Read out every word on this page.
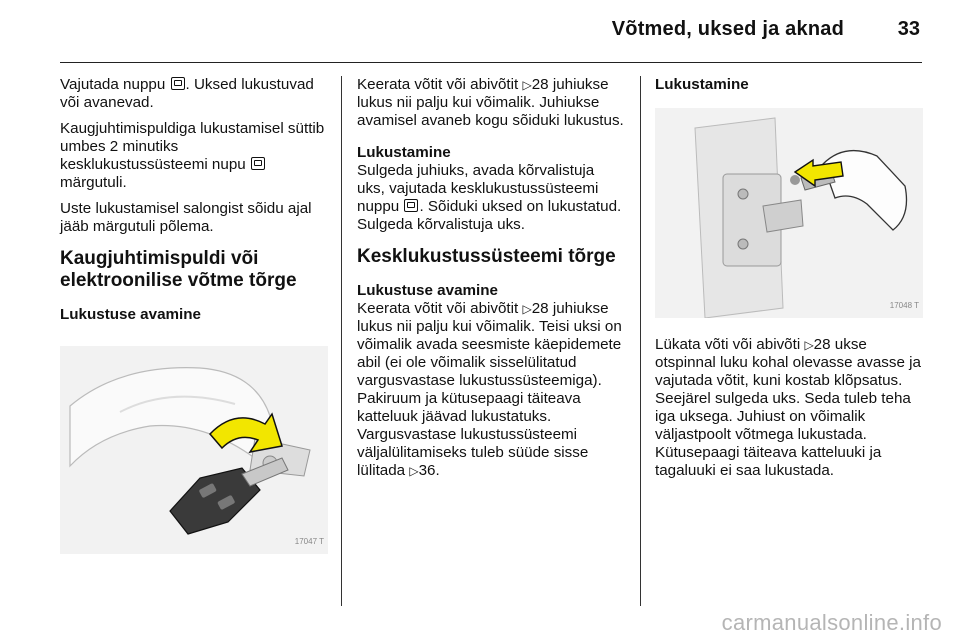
Võtmed, uksed ja aknad	33

Vajutada nuppu . Uksed lukustuvad või avanevad.

Kaugjuhtimispuldiga lukustamisel süttib umbes 2 minutiks kesklukustussüsteemi nupu  märgutuli.

Uste lukustamisel salongist sõidu ajal jääb märgutuli põlema.

Kaugjuhtimispuldi või elektroonilise võtme tõrge
Lukustuse avamine
17047 T

Keerata võtit või abivõtit ▷28 juhiukse lukus nii palju kui võimalik. Juhiukse avamisel avaneb kogu sõiduki lukustus.

Lukustamine

Sulgeda juhiuks, avada kõrvalistuja uks, vajutada kesklukustussüsteemi nuppu . Sõiduki uksed on lukustatud. Sulgeda kõrvalistuja uks.

Kesklukustussüsteemi tõrge
Lukustuse avamine

Keerata võtit või abivõtit ▷28 juhiukse lukus nii palju kui võimalik. Teisi uksi on võimalik avada seesmiste käepidemete abil (ei ole võimalik sisselülitatud vargusvastase lukustussüsteemiga). Pakiruum ja kütusepaagi täiteava katteluuk jäävad lukustatuks. Vargusvastase lukustussüsteemi väljalülitamiseks tuleb süüde sisse lülitada ▷36.

Lukustamine
17048 T

Lükata võti või abivõti ▷28 ukse otspinnal luku kohal olevasse avasse ja vajutada võtit, kuni kostab klõpsatus. Seejärel sulgeda uks. Seda tuleb teha iga uksega. Juhiust on võimalik väljastpoolt võtmega lukustada. Kütusepaagi täiteava katteluuki ja tagaluuki ei saa lukustada.

carmanualsonline.info
